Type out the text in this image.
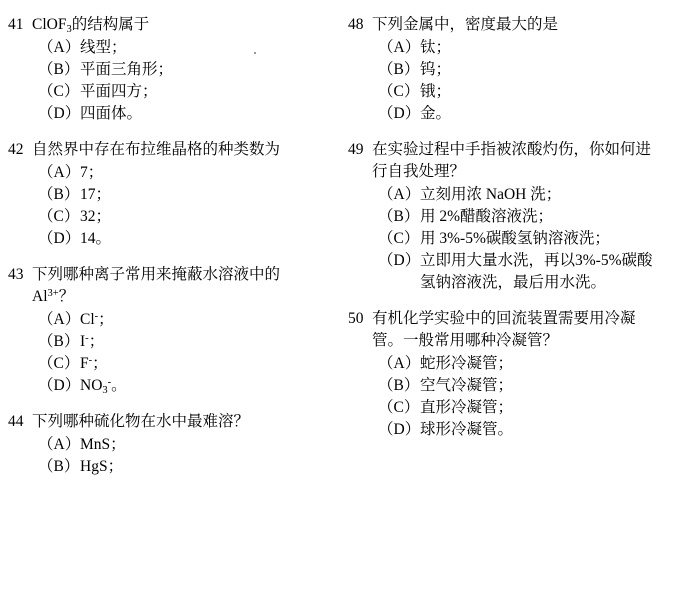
41 ClOF$_3$的结构属于
（A） 线型；
（B） 平面三角形；
（C） 平面四方；
（D） 四面体。
42 自然界中存在布拉维晶格的种类数为
（A） 7；
（B） 17；
（C） 32；
（D） 14。
43 下列哪种离子常用来掩蔽水溶液中的 $Al^{3+}$？
（A） Cl-；
（B） I-；
（C） F-；
（D） $NO_3^-$。
44 下列哪种硫化物在水中最难溶？
（A） MnS；
（B） HgS；
48 下列金属中，密度最大的是
（A） 钛；
（B） 钨；
（C） 锇；
（D） 金。
49 在实验过程中手指被浓酸灼伤，你如何进行自我处理？
（A） 立刻用浓 NaOH 洗；
（B） 用 2%醋酸溶液洗；
（C） 用 3%-5%碳酸氢钠溶液洗；
（D） 立即用大量水洗，再以3%-5%碳酸氢钠溶液洗，最后用水洗。
50 有机化学实验中的回流装置需要用冷凝管。一般常用哪种冷凝管？
（A） 蛇形冷凝管；
（B） 空气冷凝管；
（C） 直形冷凝管；
（D） 球形冷凝管。
